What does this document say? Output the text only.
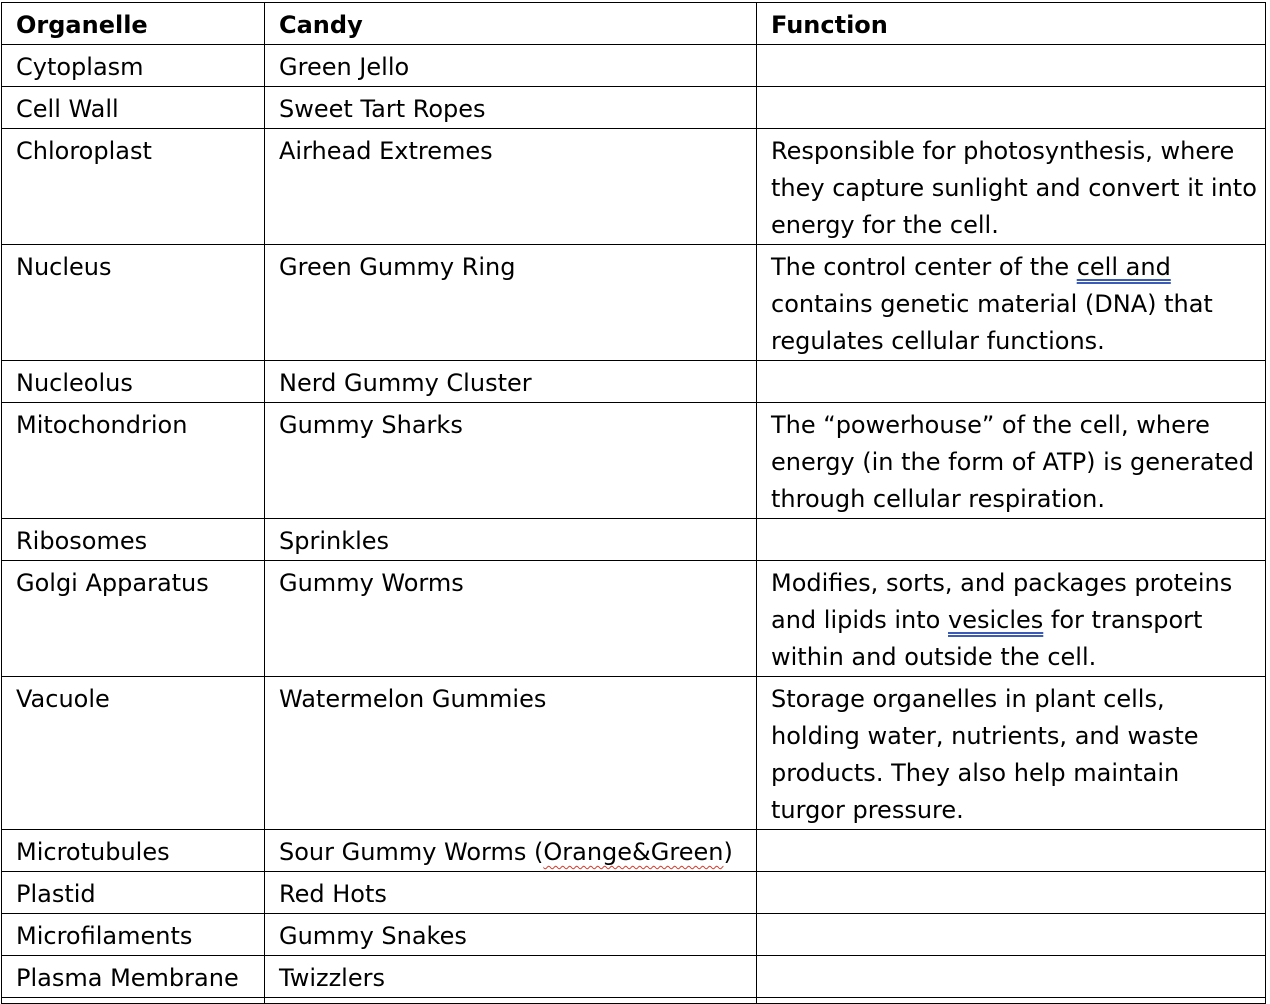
Organelle	Candy	Function
Cytoplasm	Green Jello	
Cell Wall	Sweet Tart Ropes	
Chloroplast	Airhead Extremes	Responsible for photosynthesis, where they capture sunlight and convert it into energy for the cell.
Nucleus	Green Gummy Ring	The control center of the cell and contains genetic material (DNA) that regulates cellular functions.
Nucleolus	Nerd Gummy Cluster	
Mitochondrion	Gummy Sharks	The “powerhouse” of the cell, where energy (in the form of ATP) is generated through cellular respiration.
Ribosomes	Sprinkles	
Golgi Apparatus	Gummy Worms	Modifies, sorts, and packages proteins and lipids into vesicles for transport within and outside the cell.
Vacuole	Watermelon Gummies	Storage organelles in plant cells, holding water, nutrients, and waste products. They also help maintain turgor pressure.
Microtubules	Sour Gummy Worms (Orange&Green)	
Plastid	Red Hots	
Microfilaments	Gummy Snakes	
Plasma Membrane	Twizzlers	
